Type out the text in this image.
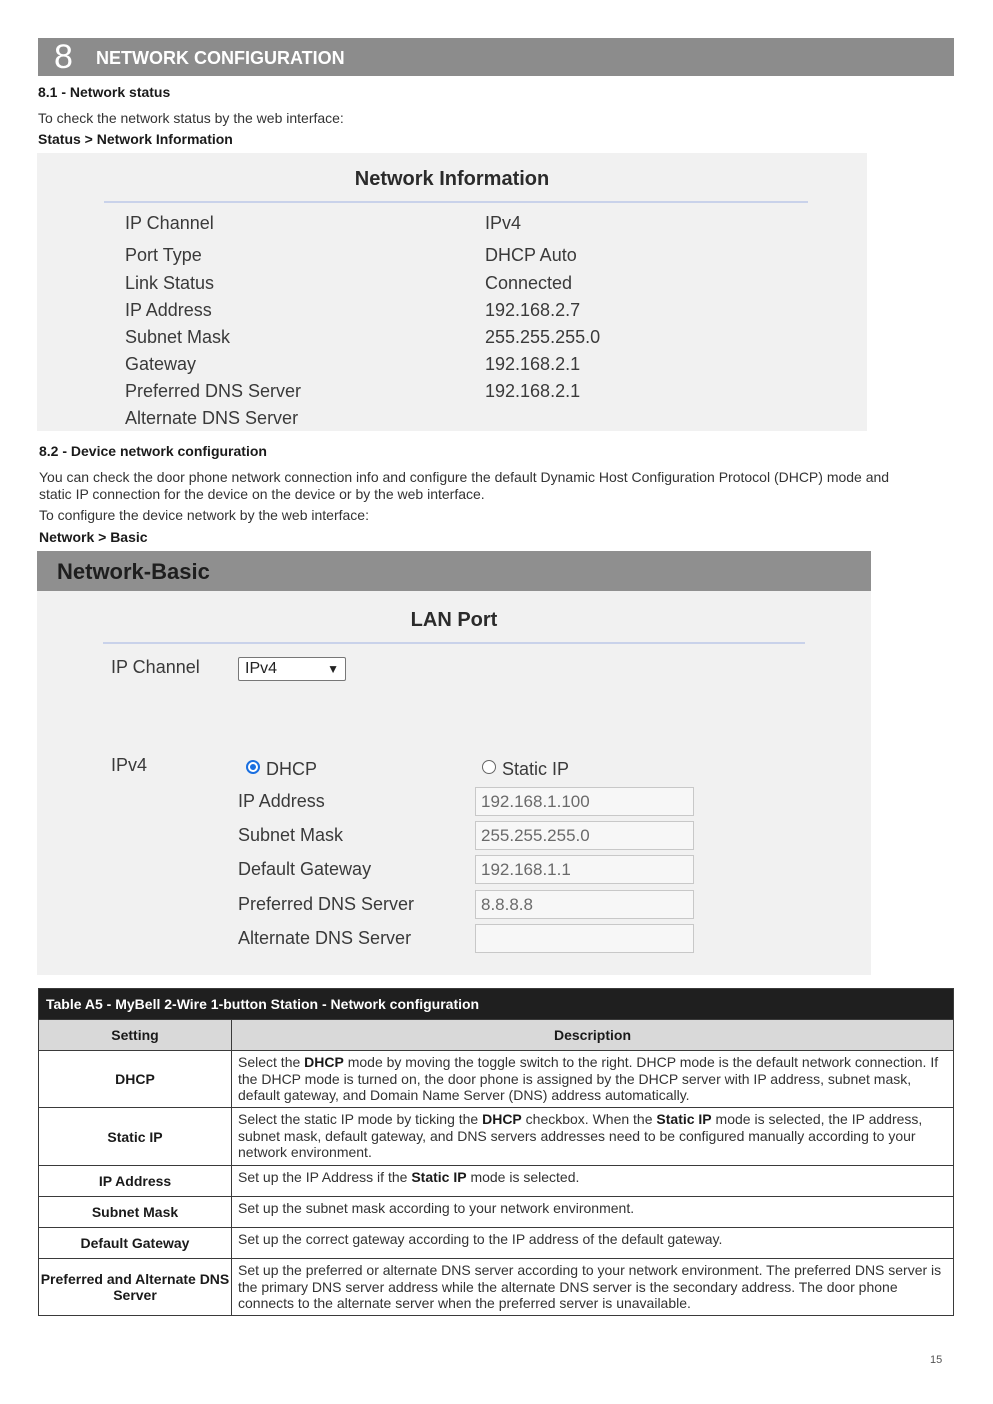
8 NETWORK CONFIGURATION
8.1 - Network status
To check the network status by the web interface:
Status > Network Information
Network Information
IP Channel	IPv4
Port Type	DHCP Auto
Link Status	Connected
IP Address	192.168.2.7
Subnet Mask	255.255.255.0
Gateway	192.168.2.1
Preferred DNS Server	192.168.2.1
Alternate DNS Server
8.2 - Device network configuration
You can check the door phone network connection info and configure the default Dynamic Host Configuration Protocol (DHCP) mode and
static IP connection for the device on the device or by the web interface.
To configure the device network by the web interface:
Network > Basic
Network-Basic
LAN Port
IP Channel	IPv4	▼
IPv4	DHCP	Static IP
IP Address	192.168.1.100
Subnet Mask	255.255.255.0
Default Gateway	192.168.1.1
Preferred DNS Server	8.8.8.8
Alternate DNS Server
Table A5 - MyBell 2-Wire 1-button Station - Network configuration	
Setting	Description
DHCP	Select the DHCP mode by moving the toggle switch to the right. DHCP mode is the default network connection. If the DHCP mode is turned on, the door phone is assigned by the DHCP server with IP address, subnet mask, default gateway, and Domain Name Server (DNS) address automatically.
Static IP	Select the static IP mode by ticking the DHCP checkbox. When the Static IP mode is selected, the IP address, subnet mask, default gateway, and DNS servers addresses need to be configured manually according to your network environment.
IP Address	Set up the IP Address if the Static IP mode is selected.
Subnet Mask	Set up the subnet mask according to your network environment.
Default Gateway	Set up the correct gateway according to the IP address of the default gateway.
Preferred and Alternate DNS Server	Set up the preferred or alternate DNS server according to your network environment. The preferred DNS server is the primary DNS server address while the alternate DNS server is the secondary address. The door phone connects to the alternate server when the preferred server is unavailable.
15
